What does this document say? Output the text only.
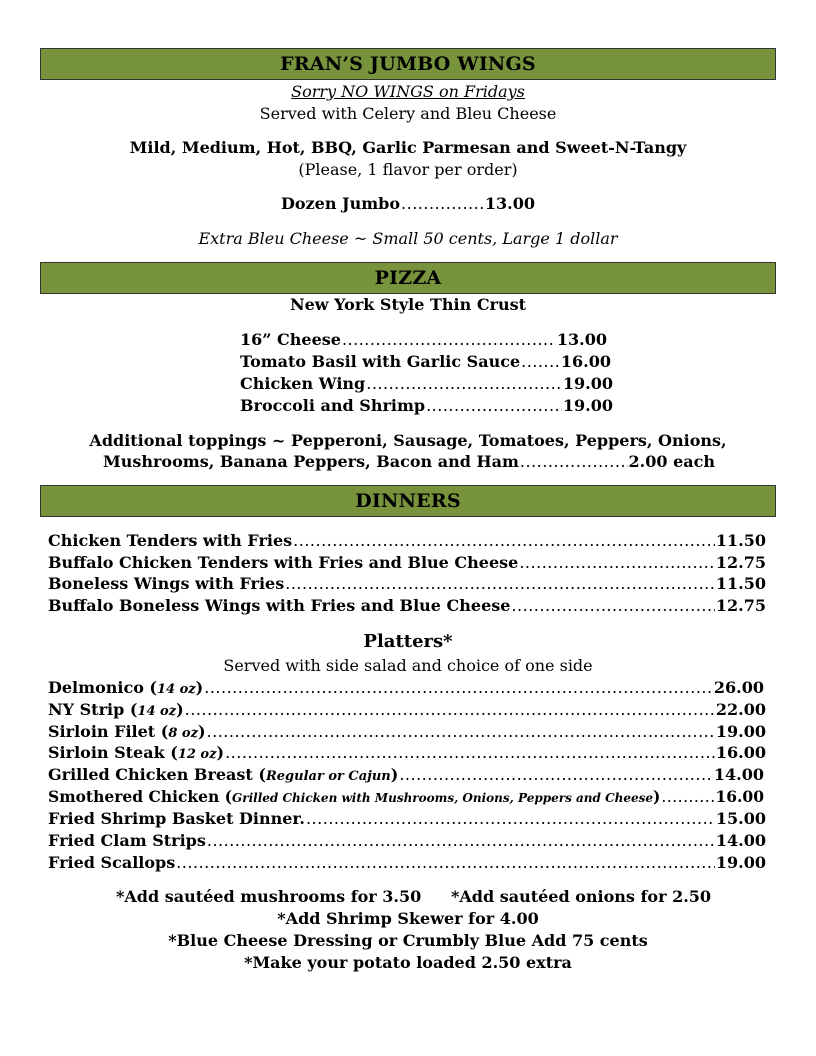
FRAN’S JUMBO WINGS
Sorry NO WINGS on Fridays
Served with Celery and Bleu Cheese
Mild, Medium, Hot, BBQ, Garlic Parmesan and Sweet-N-Tangy
(Please, 1 flavor per order)
Dozen Jumbo .....	13.00
Extra Bleu Cheese ~ Small 50 cents, Large 1 dollar
PIZZA
New York Style Thin Crust
16” Cheese .....	13.00
Tomato Basil with Garlic Sauce .....	16.00
Chicken Wing .....	19.00
Broccoli and Shrimp .....	19.00
Additional toppings ~ Pepperoni, Sausage, Tomatoes, Peppers, Onions,
Mushrooms, Banana Peppers, Bacon and Ham .....	2.00 each
DINNERS
Chicken Tenders with Fries .....	11.50
Buffalo Chicken Tenders with Fries and Blue Cheese .....	12.75
Boneless Wings with Fries .....	11.50
Buffalo Boneless Wings with Fries and Blue Cheese .....	12.75
Platters*
Served with side salad and choice of one side
Delmonico ( 14 oz ) .....	26.00
NY Strip ( 14 oz ) .....	22.00
Sirloin Filet ( 8 oz ) .....	19.00
Sirloin Steak ( 12 oz ) .....	16.00
Grilled Chicken Breast ( Regular or Cajun ) .....	14.00
Smothered Chicken ( Grilled Chicken with Mushrooms, Onions, Peppers and Cheese ) .....	16.00
Fried Shrimp Basket Dinner. .....	15.00
Fried Clam Strips .....	14.00
Fried Scallops .....	19.00
*Add sautéed mushrooms for 3.50 *Add sautéed onions for 2.50
*Add Shrimp Skewer for 4.00
*Blue Cheese Dressing or Crumbly Blue Add 75 cents
*Make your potato loaded 2.50 extra
